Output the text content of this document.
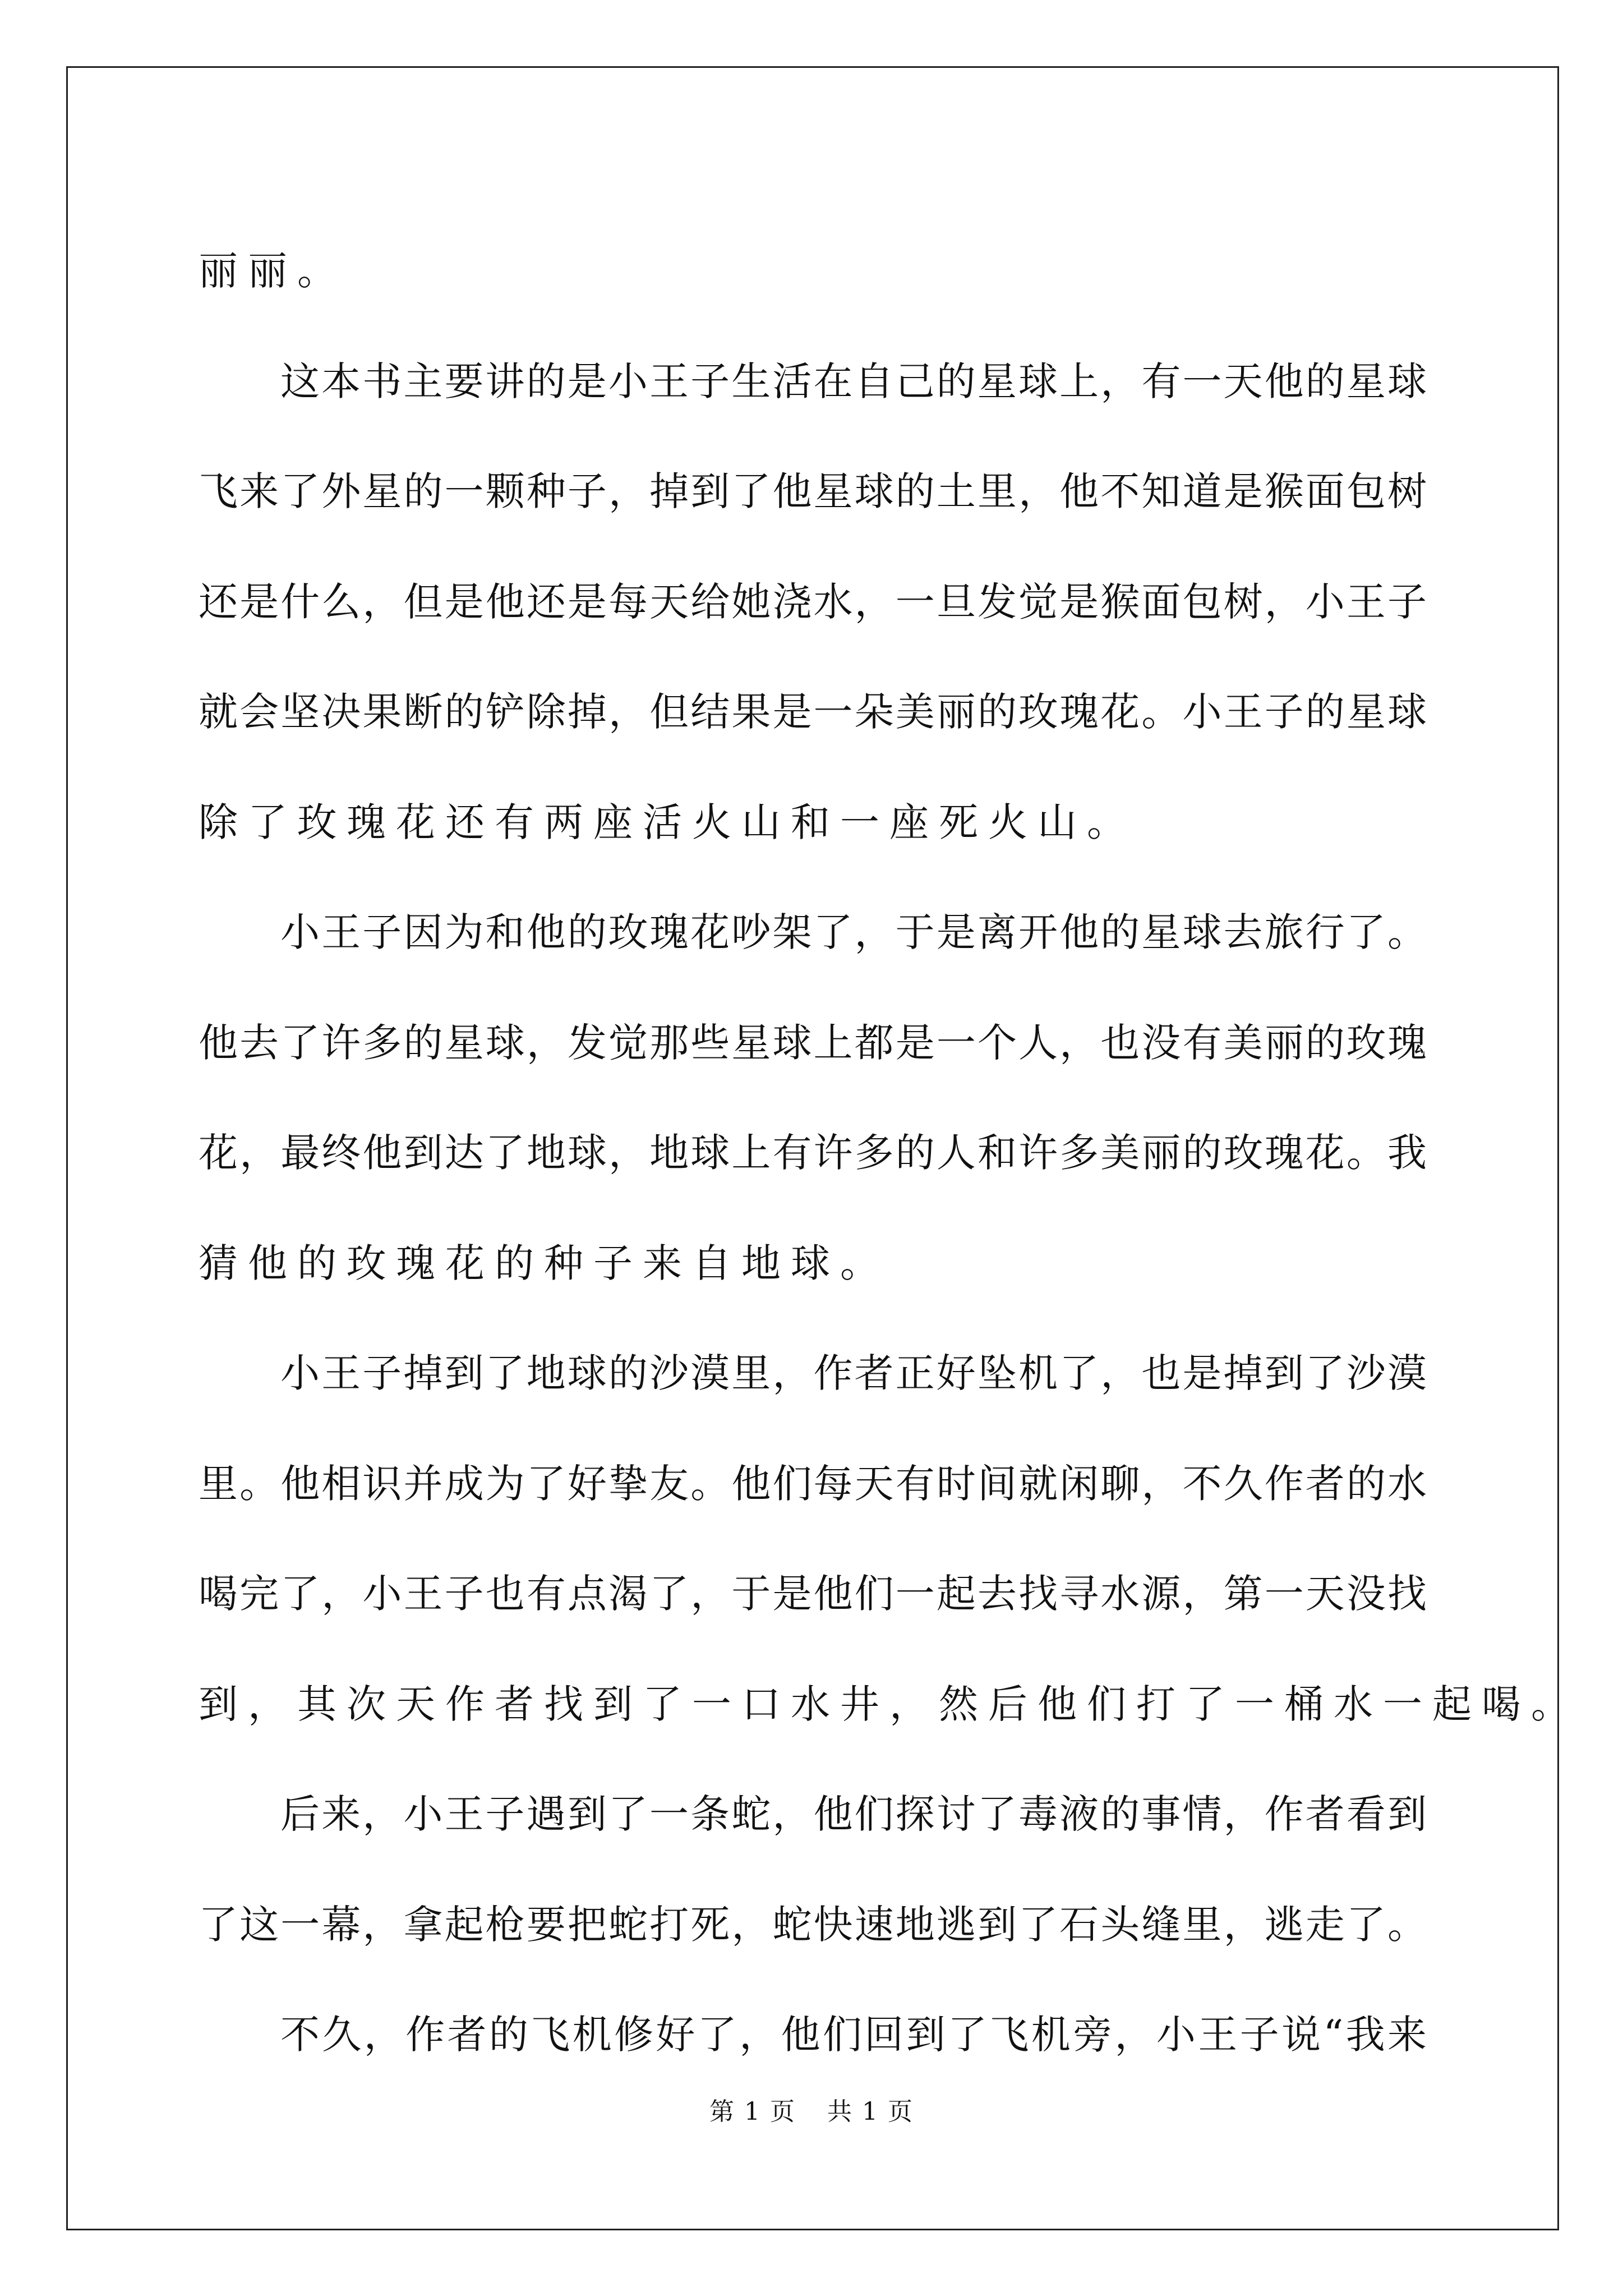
丽丽。
这本书主要讲的是小王子生活在自己的星球上，有一天他的星球
飞来了外星的一颗种子，掉到了他星球的土里，他不知道是猴面包树
还是什么，但是他还是每天给她浇水，一旦发觉是猴面包树，小王子
就会坚决果断的铲除掉，但结果是一朵美丽的玫瑰花。小王子的星球
除了玫瑰花还有两座活火山和一座死火山。
小王子因为和他的玫瑰花吵架了，于是离开他的星球去旅行了。
他去了许多的星球，发觉那些星球上都是一个人，也没有美丽的玫瑰
花，最终他到达了地球，地球上有许多的人和许多美丽的玫瑰花。我
猜他的玫瑰花的种子来自地球。
小王子掉到了地球的沙漠里，作者正好坠机了，也是掉到了沙漠
里。他相识并成为了好挚友。他们每天有时间就闲聊，不久作者的水
喝完了，小王子也有点渴了，于是他们一起去找寻水源，第一天没找
到，其次天作者找到了一口水井，然后他们打了一桶水一起喝。
后来，小王子遇到了一条蛇，他们探讨了毒液的事情，作者看到
了这一幕，拿起枪要把蛇打死，蛇快速地逃到了石头缝里，逃走了。
不久，作者的飞机修好了，他们回到了飞机旁，小王子说“我来
第 1 页 共 1 页
